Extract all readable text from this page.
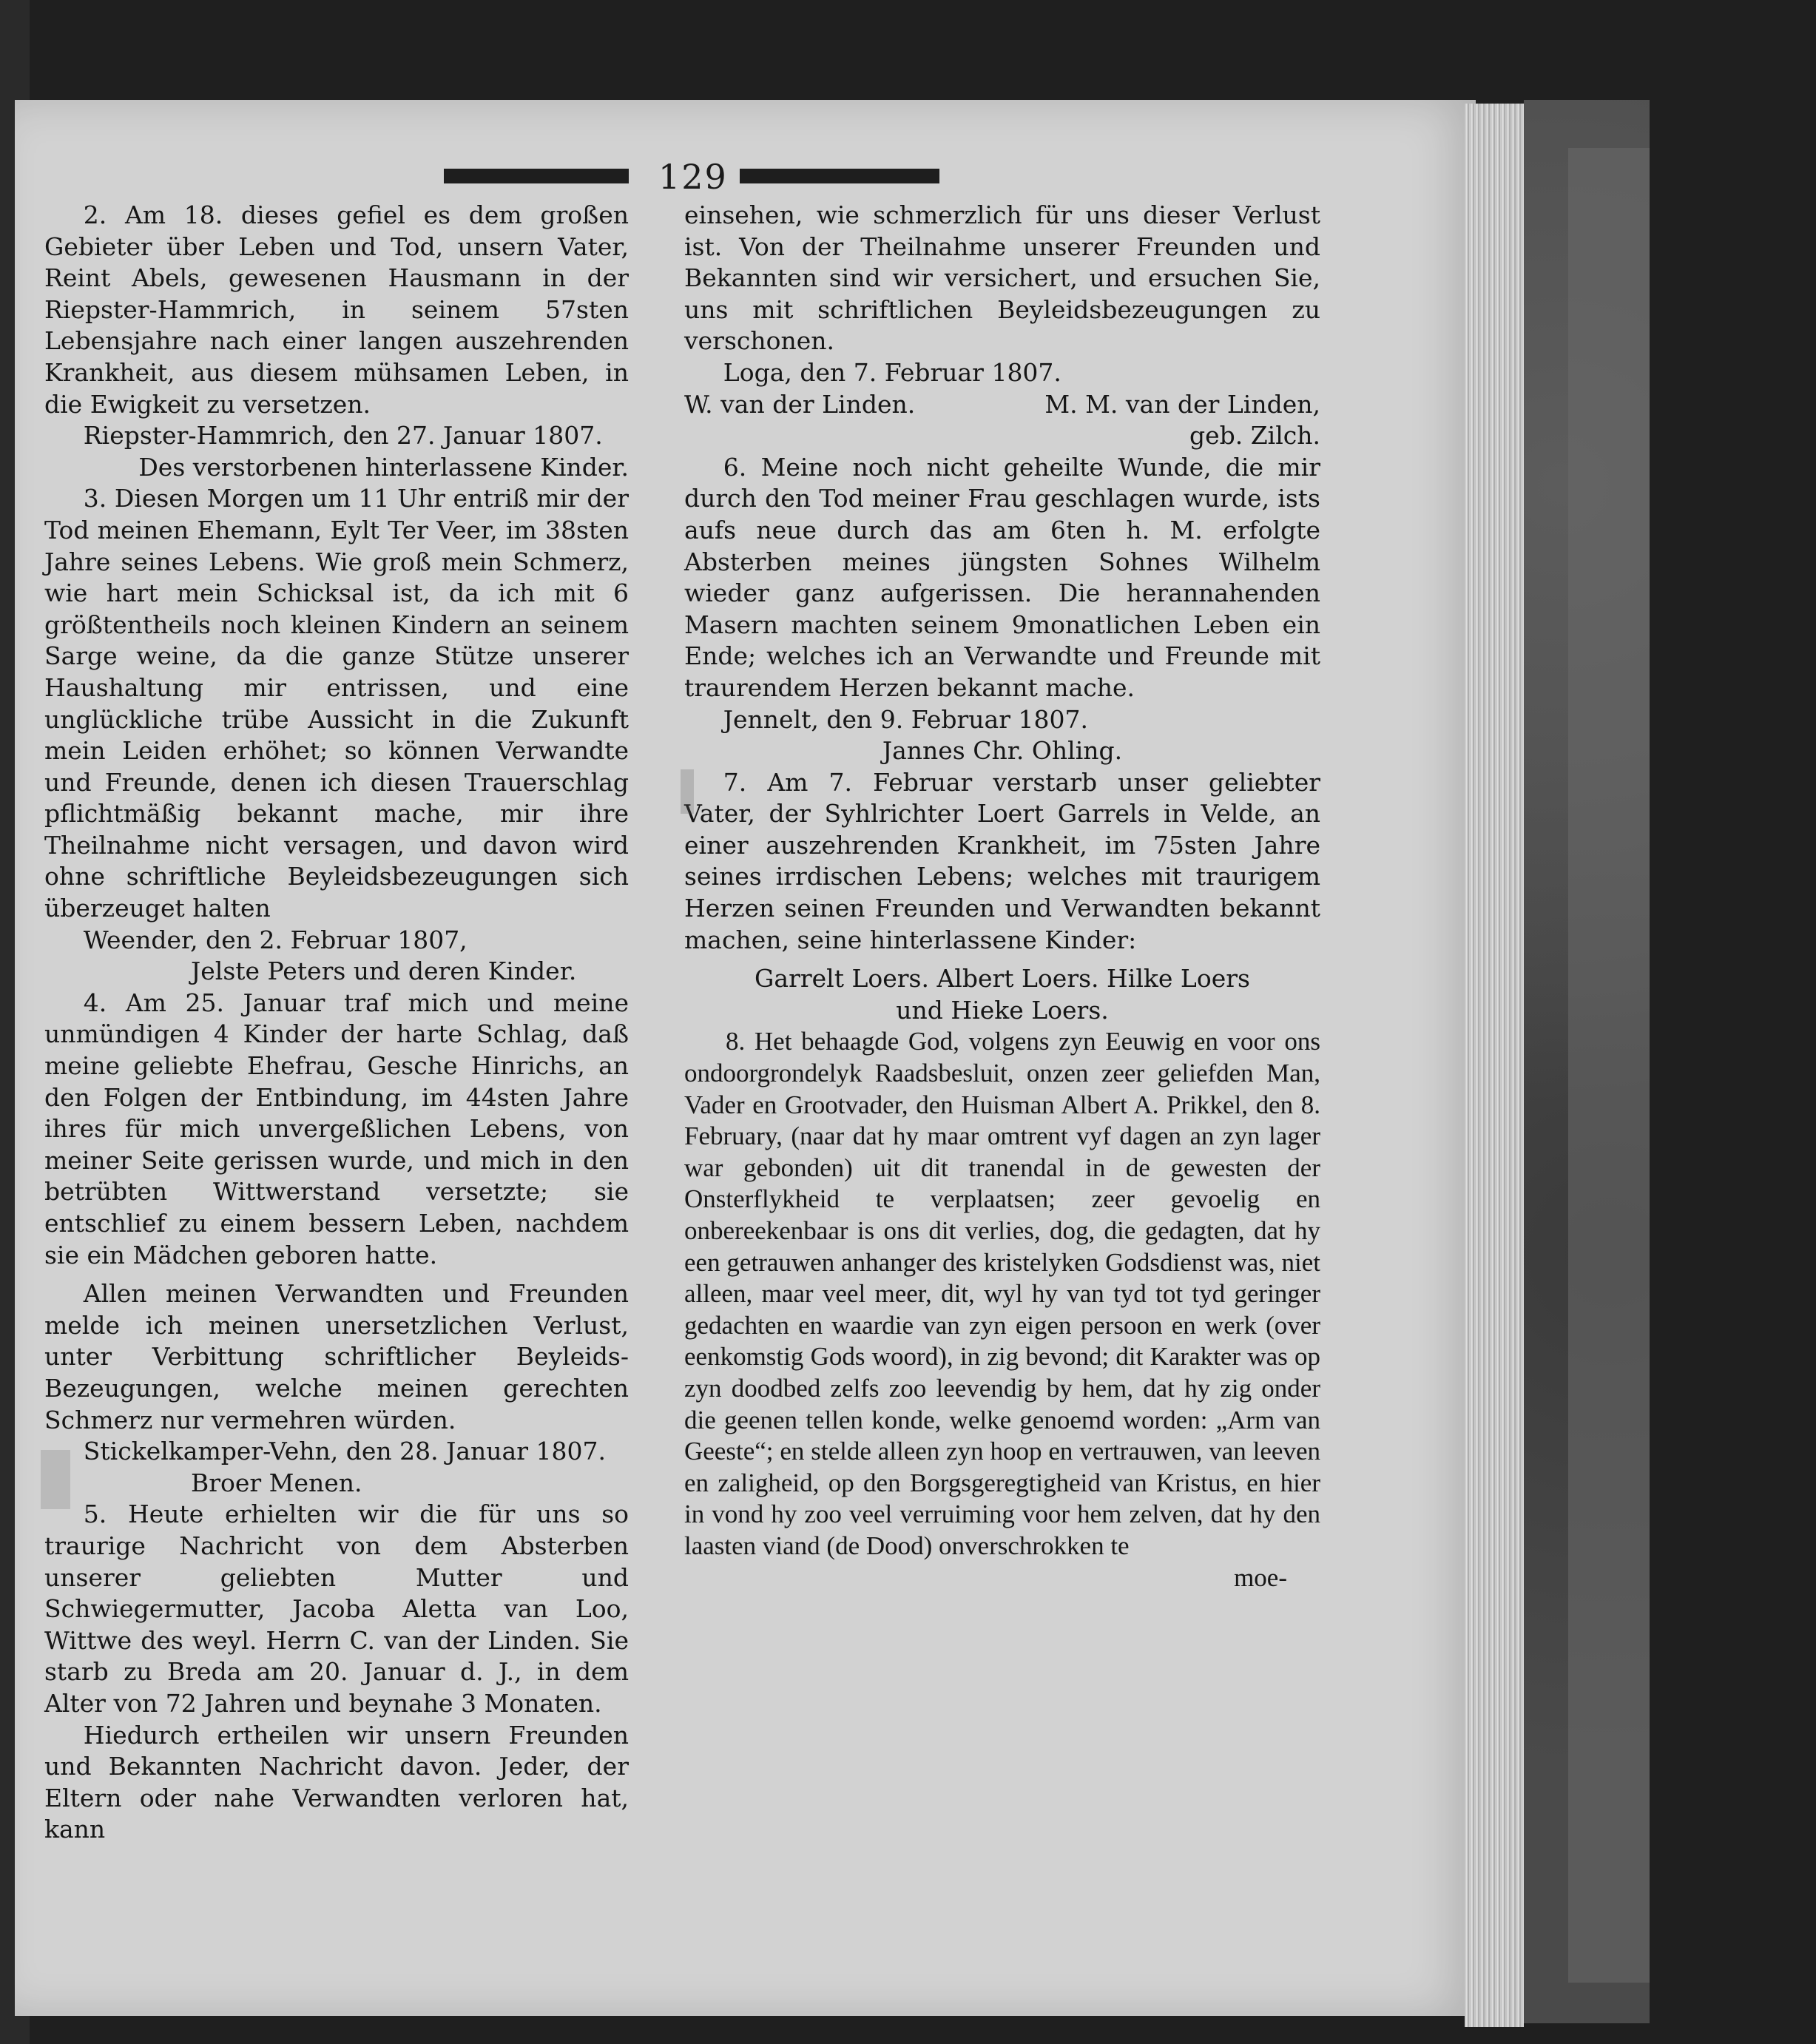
129

2. Am 18. dieses gefiel es dem großen Gebieter über Leben und Tod, unsern Vater, Reint Abels, gewesenen Hausmann in der Riepster-Hammrich, in seinem 57sten Lebensjahre nach einer langen auszehrenden Krankheit, aus diesem mühsamen Leben, in die Ewigkeit zu versetzen.

Riepster-Hammrich, den 27. Januar 1807.

Des verstorbenen hinterlassene Kinder.

3. Diesen Morgen um 11 Uhr entriß mir der Tod meinen Ehemann, Eylt Ter Veer, im 38sten Jahre seines Lebens. Wie groß mein Schmerz, wie hart mein Schicksal ist, da ich mit 6 größtentheils noch kleinen Kindern an seinem Sarge weine, da die ganze Stütze unserer Haushaltung mir entrissen, und eine unglückliche trübe Aussicht in die Zukunft mein Leiden erhöhet; so können Verwandte und Freunde, denen ich diesen Trauerschlag pflichtmäßig bekannt mache, mir ihre Theilnahme nicht versagen, und davon wird ohne schriftliche Beyleidsbezeugungen sich überzeuget halten

Weender, den 2. Februar 1807,

Jelste Peters und deren Kinder.

4. Am 25. Januar traf mich und meine unmündigen 4 Kinder der harte Schlag, daß meine geliebte Ehefrau, Gesche Hinrichs, an den Folgen der Entbindung, im 44sten Jahre ihres für mich unvergeßlichen Lebens, von meiner Seite gerissen wurde, und mich in den betrübten Wittwerstand versetzte; sie entschlief zu einem bessern Leben, nachdem sie ein Mädchen geboren hatte.

Allen meinen Verwandten und Freunden melde ich meinen unersetzlichen Verlust, unter Verbittung schriftlicher Beyleids-Bezeugungen, welche meinen gerechten Schmerz nur vermehren würden.

Stickelkamper-Vehn, den 28. Januar 1807.

Broer Menen.

5. Heute erhielten wir die für uns so traurige Nachricht von dem Absterben unserer geliebten Mutter und Schwiegermutter, Jacoba Aletta van Loo, Wittwe des weyl. Herrn C. van der Linden. Sie starb zu Breda am 20. Januar d. J., in dem Alter von 72 Jahren und beynahe 3 Monaten.

Hiedurch ertheilen wir unsern Freunden und Bekannten Nachricht davon. Jeder, der Eltern oder nahe Verwandten verloren hat, kann

einsehen, wie schmerzlich für uns dieser Verlust ist. Von der Theilnahme unserer Freunden und Bekannten sind wir versichert, und ersuchen Sie, uns mit schriftlichen Beyleidsbezeugungen zu verschonen.

Loga, den 7. Februar 1807.

W. van der Linden.	M. M. van der Linden,

geb. Zilch.

6. Meine noch nicht geheilte Wunde, die mir durch den Tod meiner Frau geschlagen wurde, ists aufs neue durch das am 6ten h. M. erfolgte Absterben meines jüngsten Sohnes Wilhelm wieder ganz aufgerissen. Die herannahenden Masern machten seinem 9monatlichen Leben ein Ende; welches ich an Verwandte und Freunde mit traurendem Herzen bekannt mache.

Jennelt, den 9. Februar 1807.

Jannes Chr. Ohling.

7. Am 7. Februar verstarb unser geliebter Vater, der Syhlrichter Loert Garrels in Velde, an einer auszehrenden Krankheit, im 75sten Jahre seines irrdischen Lebens; welches mit traurigem Herzen seinen Freunden und Verwandten bekannt machen, seine hinterlassene Kinder:

Garrelt Loers. Albert Loers. Hilke Loers

und Hieke Loers.

8. Het behaagde God, volgens zyn Eeuwig en voor ons ondoorgrondelyk Raadsbesluit, onzen zeer geliefden Man, Vader en Grootvader, den Huisman Albert A. Prikkel, den 8. February, (naar dat hy maar omtrent vyf dagen an zyn lager war gebonden) uit dit tranendal in de gewesten der Onsterflykheid te verplaatsen; zeer gevoelig en onbereekenbaar is ons dit verlies, dog, die gedagten, dat hy een getrauwen anhanger des kristelyken Godsdienst was, niet alleen, maar veel meer, dit, wyl hy van tyd tot tyd geringer gedachten en waardie van zyn eigen persoon en werk (over eenkomstig Gods woord), in zig bevond; dit Karakter was op zyn doodbed zelfs zoo leevendig by hem, dat hy zig onder die geenen tellen konde, welke genoemd worden: „Arm van Geeste“; en stelde alleen zyn hoop en vertrauwen, van leeven en zaligheid, op den Borgsgeregtigheid van Kristus, en hier in vond hy zoo veel verruiming voor hem zelven, dat hy den laasten viand (de Dood) onverschrokken te

moe-
